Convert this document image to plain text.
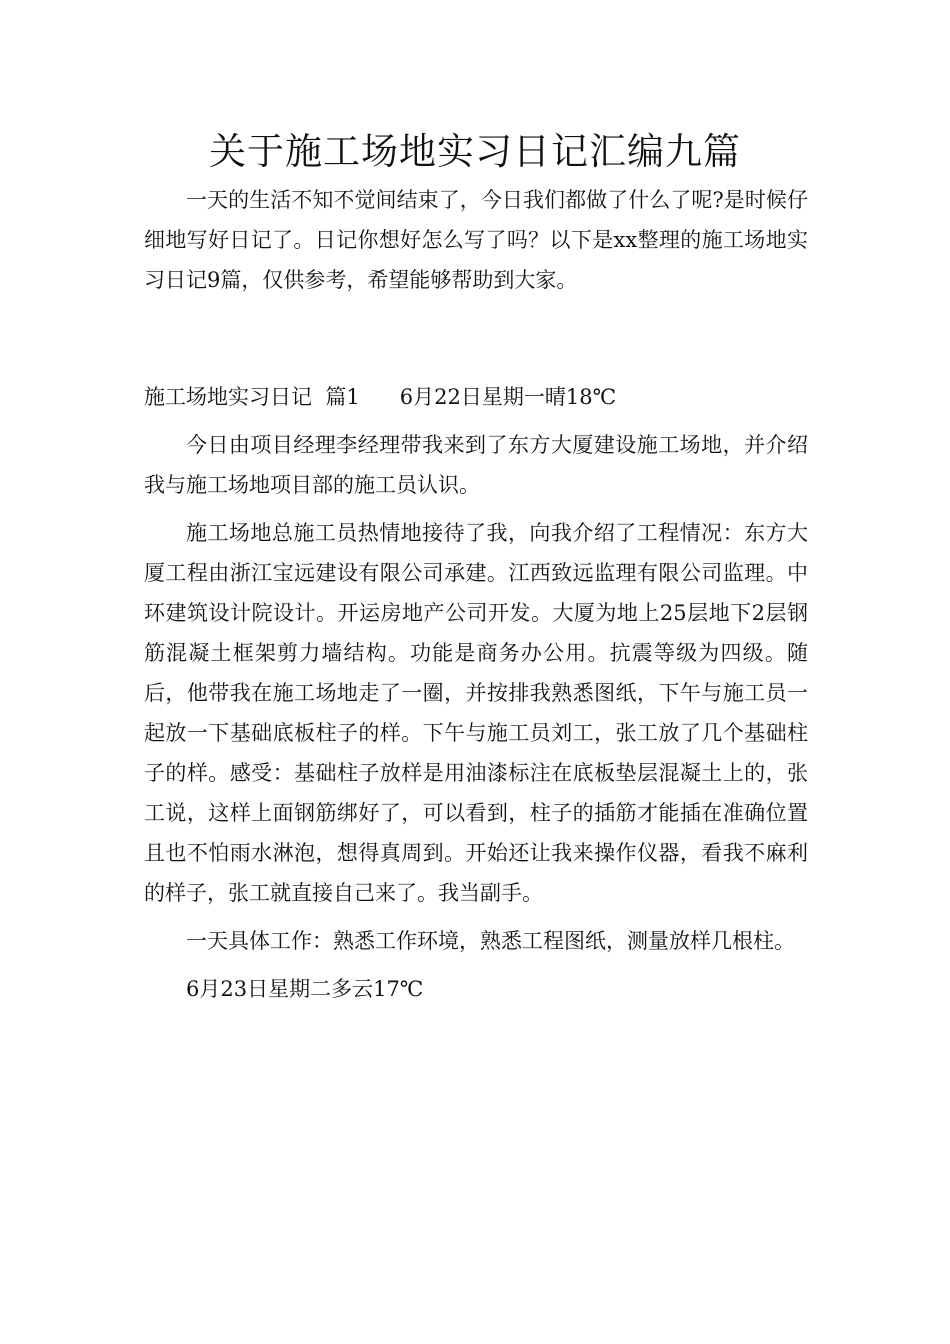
关于施工场地实习日记汇编九篇

一天的生活不知不觉间结束了，今日我们都做了什么了呢?是时候仔细地写好日记了。日记你想好怎么写了吗？以下是xx整理的施工场地实习日记9篇，仅供参考，希望能够帮助到大家。

施工场地实习日记  篇1      6月22日星期一晴18℃

今日由项目经理李经理带我来到了东方大厦建设施工场地，并介绍我与施工场地项目部的施工员认识。

施工场地总施工员热情地接待了我，向我介绍了工程情况：东方大厦工程由浙江宝远建设有限公司承建。江西致远监理有限公司监理。中环建筑设计院设计。开运房地产公司开发。大厦为地上25层地下2层钢筋混凝土框架剪力墙结构。功能是商务办公用。抗震等级为四级。随后，他带我在施工场地走了一圈，并按排我熟悉图纸，下午与施工员一起放一下基础底板柱子的样。下午与施工员刘工，张工放了几个基础柱子的样。感受：基础柱子放样是用油漆标注在底板垫层混凝土上的，张工说，这样上面钢筋绑好了，可以看到，柱子的插筋才能插在准确位置且也不怕雨水淋泡，想得真周到。开始还让我来操作仪器，看我不麻利的样子，张工就直接自己来了。我当副手。

一天具体工作：熟悉工作环境，熟悉工程图纸，测量放样几根柱。

6月23日星期二多云17℃
